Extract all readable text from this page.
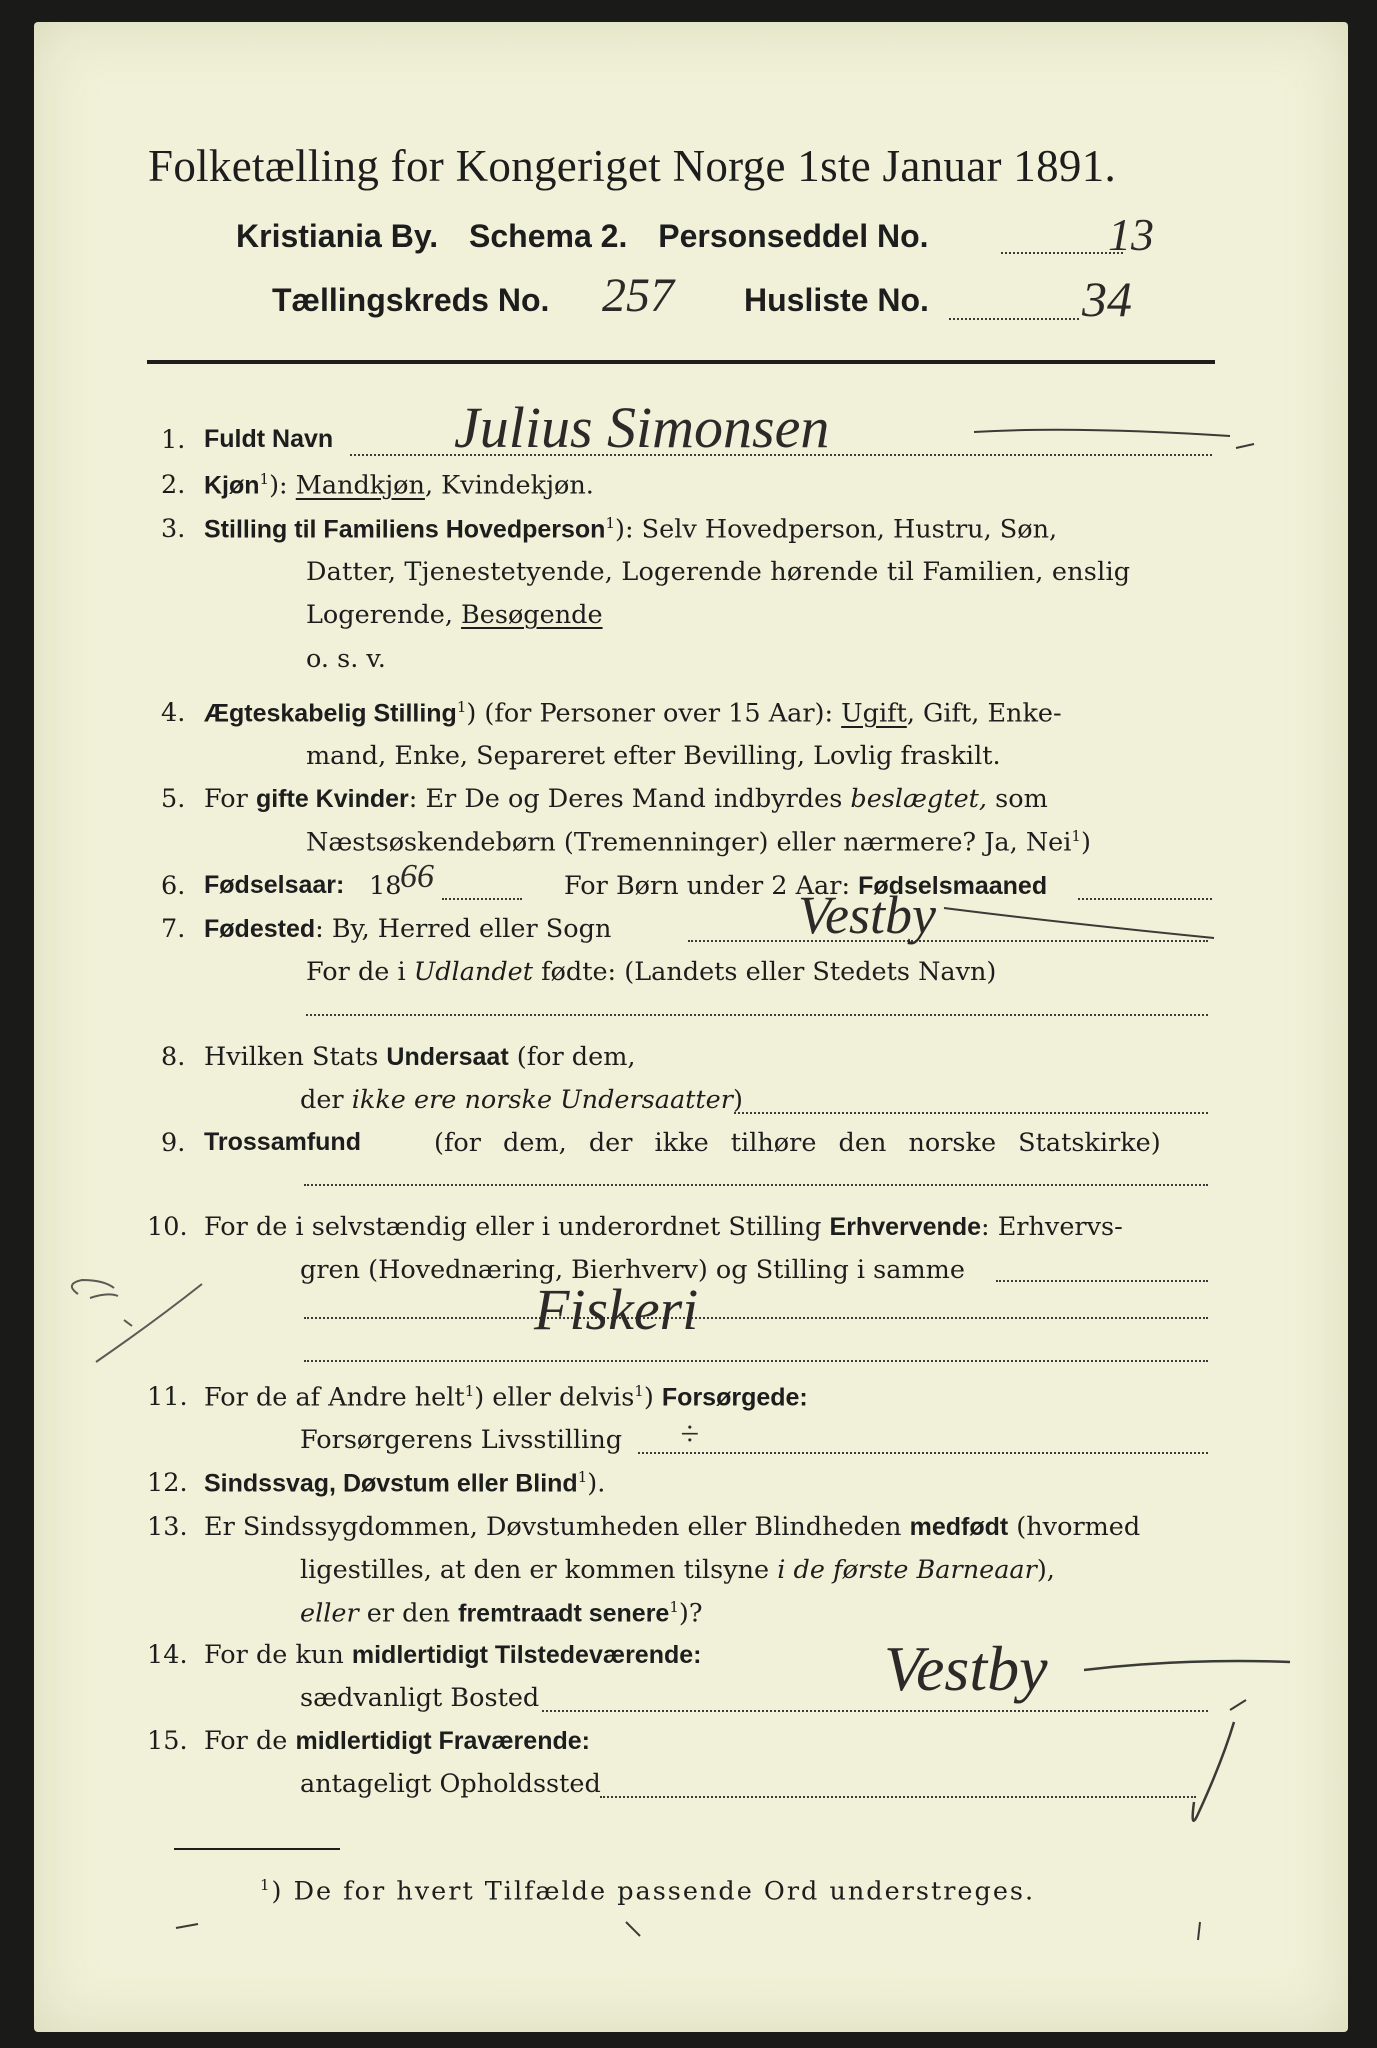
Folketælling for Kongeriget Norge 1ste Januar 1891.
Kristiania By. Schema 2. Personseddel No.	13
Tællingskreds No. 257 Husliste No.	34
1. Fuldt Navn Julius Simonsen
2. Kjøn$^1$): Mandkjøn, Kvindekjøn.
3. Stilling til Familiens Hovedperson$^1$): Selv Hovedperson, Hustru, Søn,
Datter, Tjenestetyende, Logerende hørende til Familien, enslig
Logerende, Besøgende
o. s. v.
4. Ægteskabelig Stilling$^1$) (for Personer over 15 Aar): Ugift, Gift, Enke-
mand, Enke, Separeret efter Bevilling, Lovlig fraskilt.
5. For gifte Kvinder: Er De og Deres Mand indbyrdes beslægtet, som
Næstsøskendebørn (Tremenninger) eller nærmere? Ja, Nei$^1$)
6. Fødselsaar: 18
66	For Børn under 2 Aar: Fødselsmaaned
7. Fødested: By, Herred eller Sogn	Vestby
For de i Udlandet fødte: (Landets eller Stedets Navn)
8. Hvilken Stats Undersaat (for dem,
der ikke ere norske Undersaatter)
9. Trossamfund	(for dem, der ikke tilhøre den norske Statskirke)
10. For de i selvstændig eller i underordnet Stilling Erhvervende: Erhvervs-
gren (Hovednæring, Bierhverv) og Stilling i samme
Fiskeri
11. For de af Andre helt$^1$) eller delvis$^1$) Forsørgede:
Forsørgerens Livsstilling ÷
12. Sindssvag, Døvstum eller Blind$^1$).
13. Er Sindssygdommen, Døvstumheden eller Blindheden medfødt (hvormed
ligestilles, at den er kommen tilsyne i de første Barneaar),
eller er den fremtraadt senere$^1$)?
14. For de kun midlertidigt Tilstedeværende:
sædvanligt Bosted	Vestby
15. For de midlertidigt Fraværende:
antageligt Opholdssted
$^1$) De for hvert Tilfælde passende Ord understreges.
